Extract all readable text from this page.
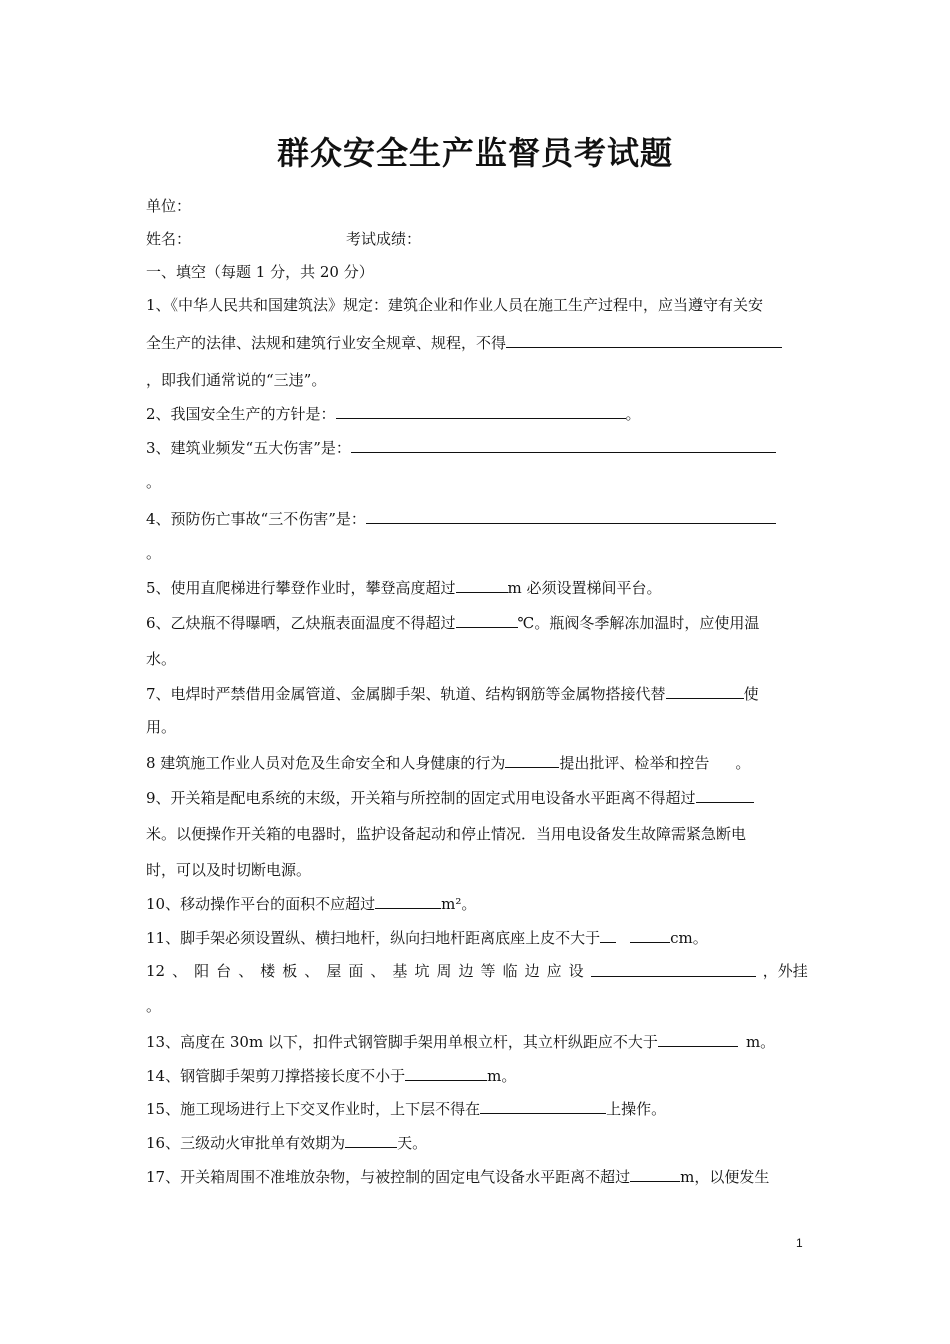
群众安全生产监督员考试题
单位：
姓名：	考试成绩：
一、填空（每题 1 分，共 20 分）
1、《中华人民共和国建筑法》规定：建筑企业和作业人员在施工生产过程中，应当遵守有关安
全生产的法律、法规和建筑行业安全规章、规程，不得
，即我们通常说的“三违”。
2、我国安全生产的方针是：	。
3、建筑业频发“五大伤害”是：
。
4、预防伤亡事故“三不伤害”是：
。
5、使用直爬梯进行攀登作业时，攀登高度超过	m 必须设置梯间平台。
6、乙炔瓶不得曝晒，乙炔瓶表面温度不得超过	℃。瓶阀冬季解冻加温时，应使用温
水。
7、电焊时严禁借用金属管道、金属脚手架、轨道、结构钢筋等金属物搭接代替	使
用。
8 建筑施工作业人员对危及生命安全和人身健康的行为	提出批评、检举和控告 。
9、开关箱是配电系统的末级，开关箱与所控制的固定式用电设备水平距离不得超过
米。以便操作开关箱的电器时，监护设备起动和停止情况．当用电设备发生故障需紧急断电
时，可以及时切断电源。
10、移动操作平台的面积不应超过	m²。
11、脚手架必须设置纵、横扫地杆，纵向扫地杆距离底座上皮不大于	cm。
12 、 阳 台 、 楼 板 、 屋 面 、 基 坑 周 边 等 临 边 应 设	，外挂
。
13、高度在 30m 以下，扣件式钢管脚手架用单根立杆，其立杆纵距应不大于	m。
14、钢管脚手架剪刀撑搭接长度不小于	m。
15、施工现场进行上下交叉作业时，上下层不得在	上操作。
16、三级动火审批单有效期为	天。
17、开关箱周围不准堆放杂物，与被控制的固定电气设备水平距离不超过	m，以便发生
1
